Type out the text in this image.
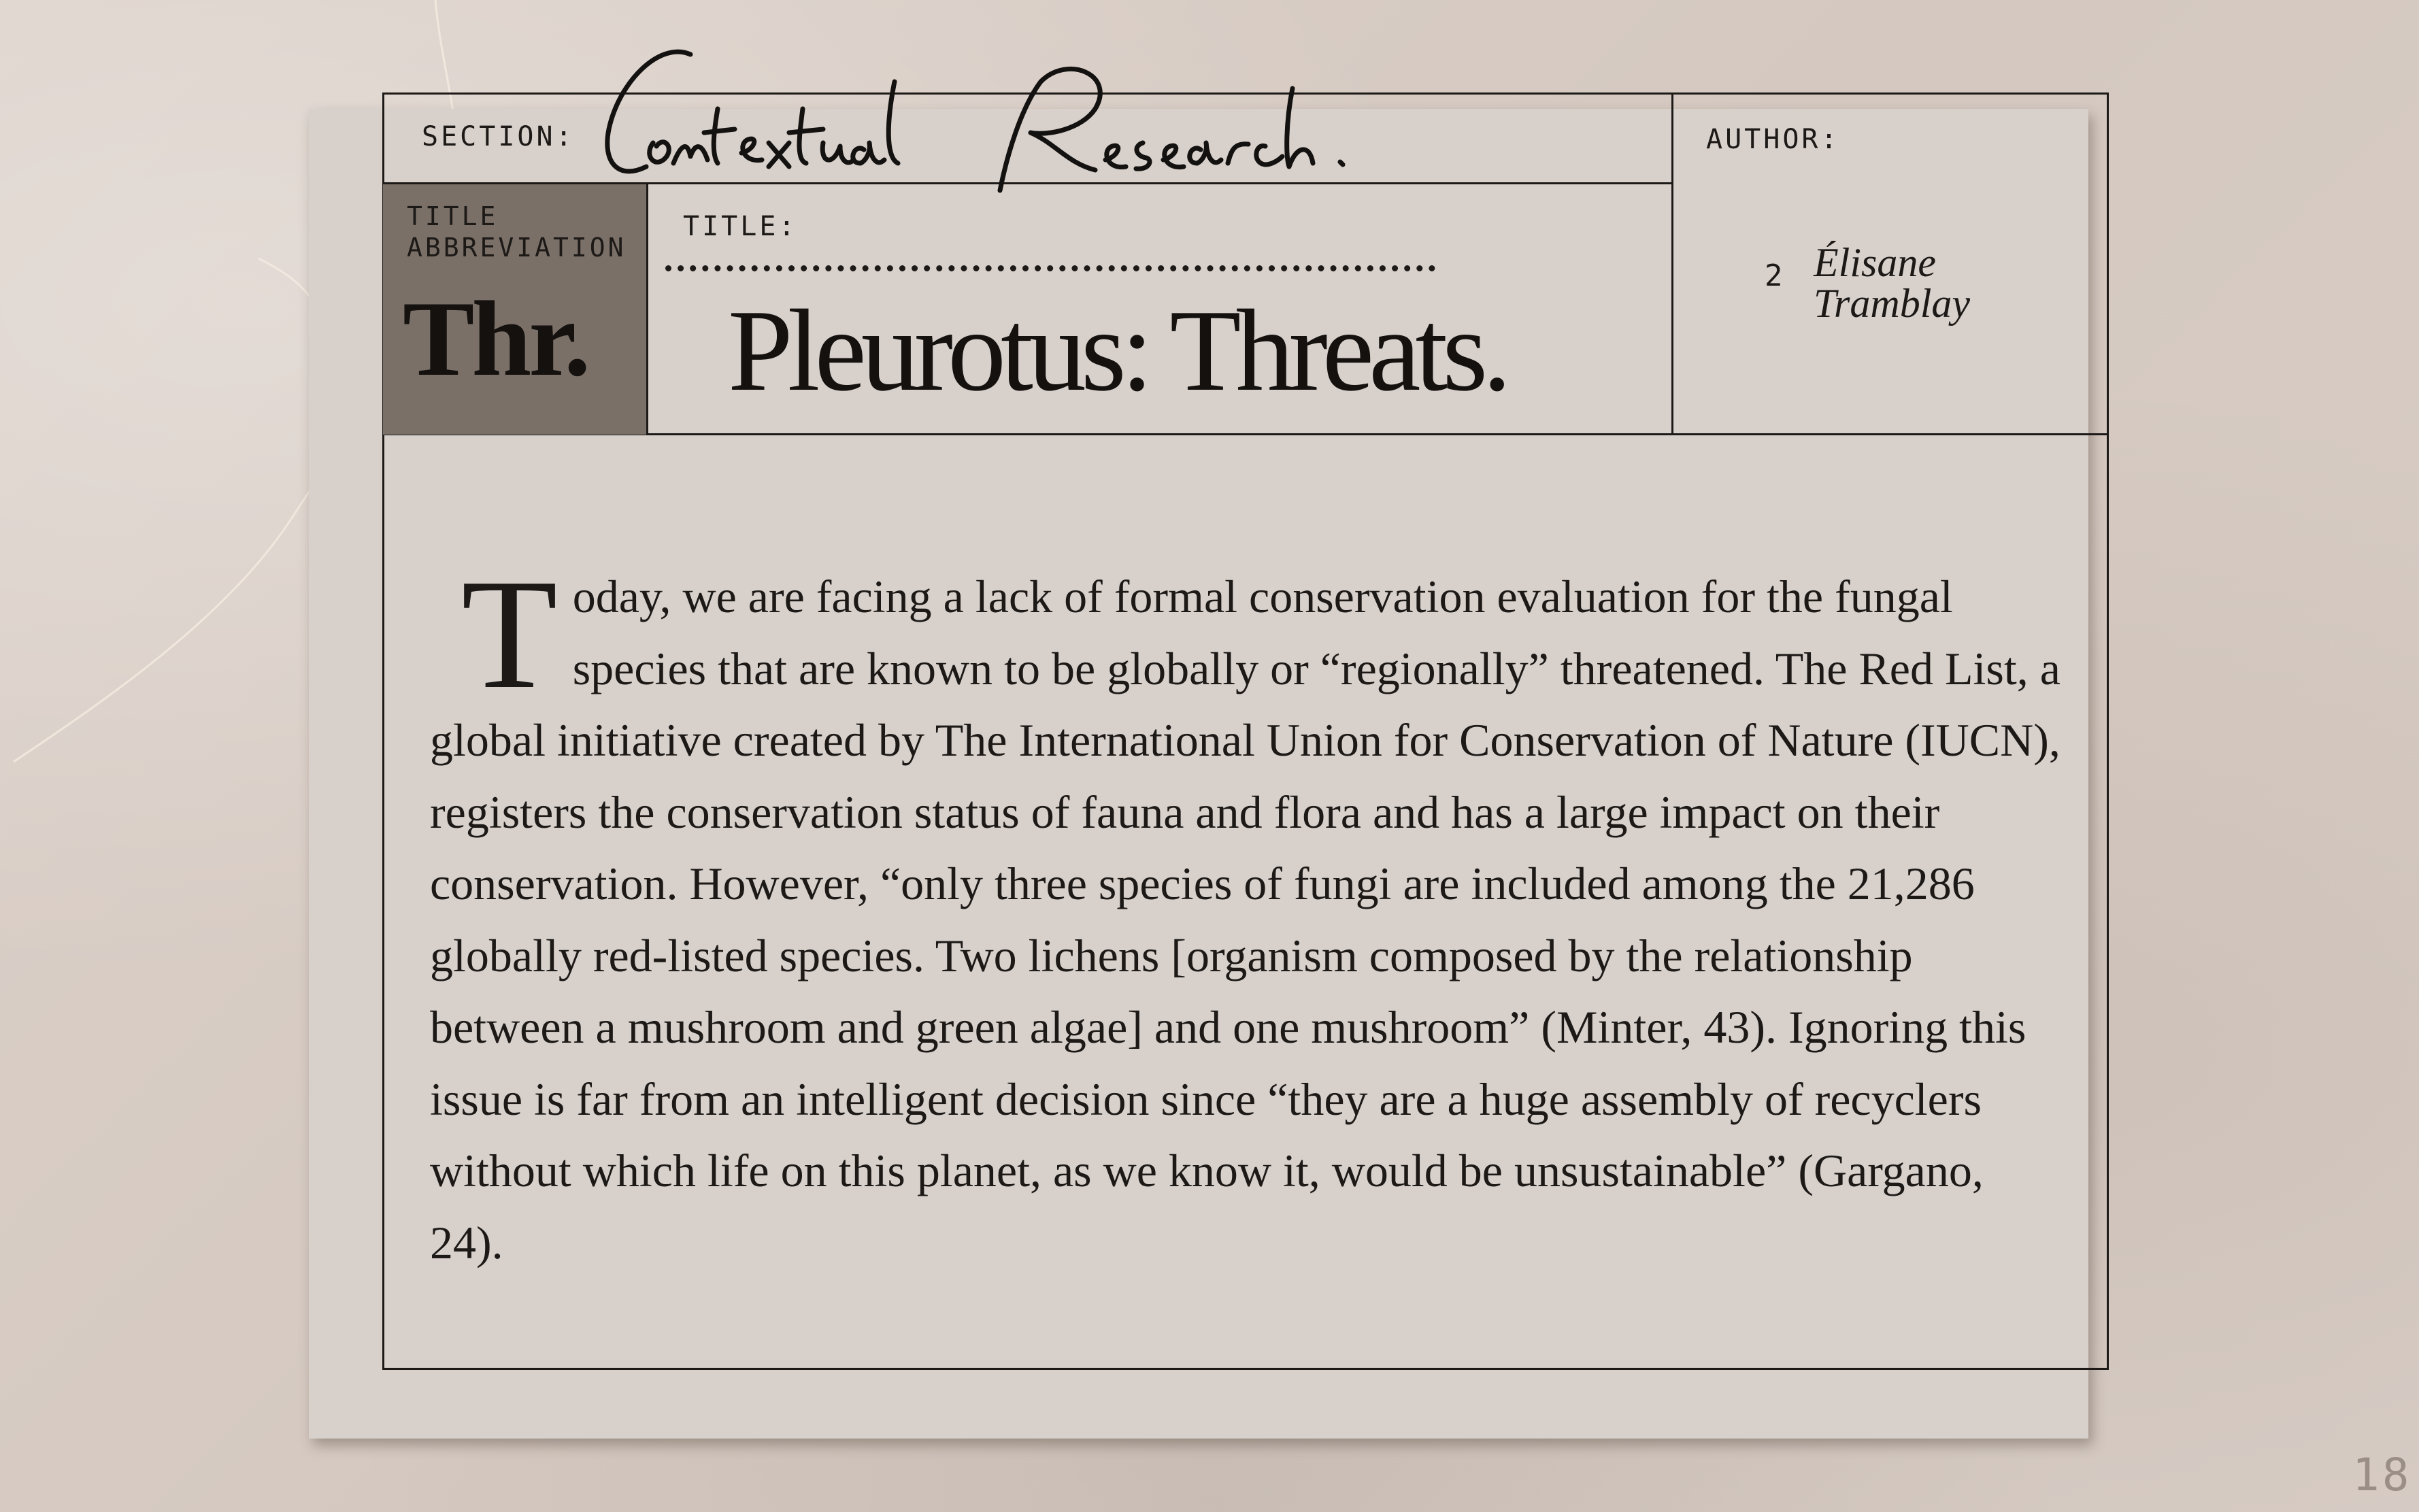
SECTION:	AUTHOR:
TITLE ABBREVIATION
Thr.
TITLE:
Pleurotus: Threats.
2 Élisane
Tramblay
Today, we are facing a lack of formal conservation evaluation for the fungal species that are known to be globally or “regionally” threatened. The Red List, a global initiative created by The International Union for Conservation of Nature (IUCN), registers the conservation status of fauna and flora and has a large impact on their conservation. However, “only three species of fungi are included among the 21,286 globally red-listed species. Two lichens [organism composed by the relationship between a mushroom and green algae] and one mushroom” (Minter, 43). Ignoring this issue is far from an intelligent decision since “they are a huge assembly of recyclers without which life on this planet, as we know it, would be unsustainable” (Gargano, 24).
18
